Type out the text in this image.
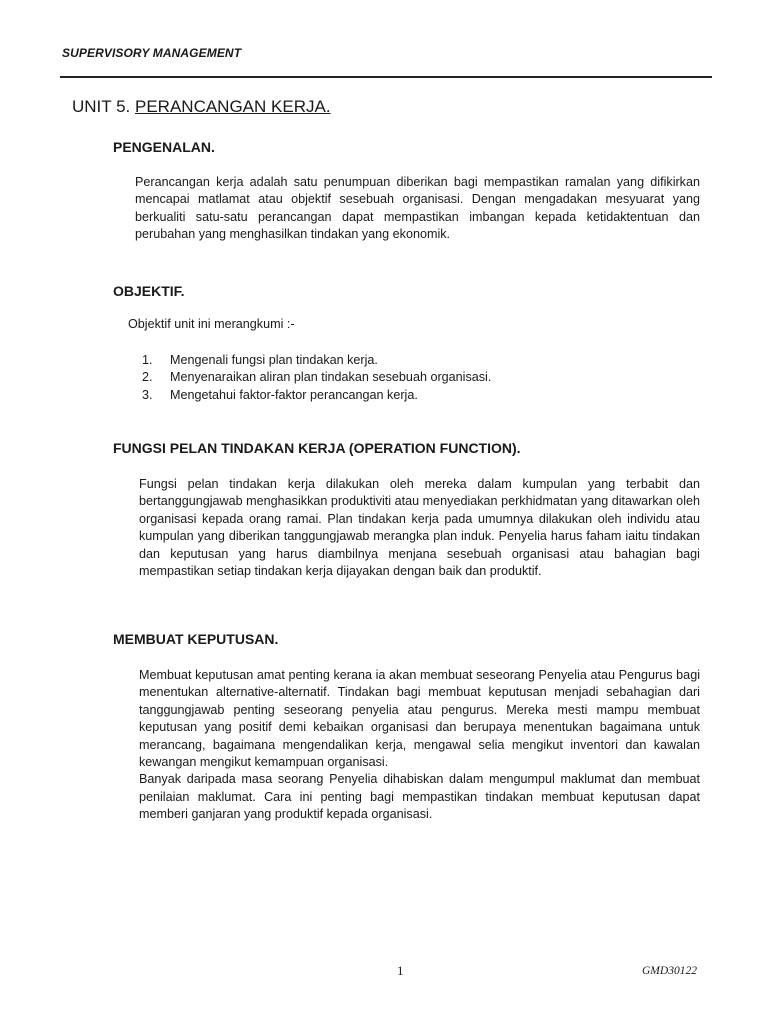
SUPERVISORY MANAGEMENT
UNIT 5. PERANCANGAN KERJA.
PENGENALAN.

Perancangan kerja adalah satu penumpuan diberikan bagi mempastikan ramalan yang difikirkan mencapai matlamat atau objektif sesebuah organisasi. Dengan mengadakan mesyuarat yang berkualiti satu-satu perancangan dapat mempastikan imbangan kepada ketidaktentuan dan perubahan yang menghasilkan tindakan yang ekonomik.

OBJEKTIF.
Objektif unit ini merangkumi :-
1. Mengenali fungsi plan tindakan kerja.
2. Menyenaraikan aliran plan tindakan sesebuah organisasi.
3. Mengetahui faktor-faktor perancangan kerja.
FUNGSI PELAN TINDAKAN KERJA (OPERATION FUNCTION).

Fungsi pelan tindakan kerja dilakukan oleh mereka dalam kumpulan yang terbabit dan bertanggungjawab menghasikkan produktiviti atau menyediakan perkhidmatan yang ditawarkan oleh organisasi kepada orang ramai. Plan tindakan kerja pada umumnya dilakukan oleh individu atau kumpulan yang diberikan tanggungjawab merangka plan induk. Penyelia harus faham iaitu tindakan dan keputusan yang harus diambilnya menjana sesebuah organisasi atau bahagian bagi mempastikan setiap tindakan kerja dijayakan dengan baik dan produktif.

MEMBUAT KEPUTUSAN.

Membuat keputusan amat penting kerana ia akan membuat seseorang Penyelia atau Pengurus bagi menentukan alternative-alternatif. Tindakan bagi membuat keputusan menjadi sebahagian dari tanggungjawab penting seseorang penyelia atau pengurus. Mereka mesti mampu membuat keputusan yang positif demi kebaikan organisasi dan berupaya menentukan bagaimana untuk merancang, bagaimana mengendalikan kerja, mengawal selia mengikut inventori dan kawalan kewangan mengikut kemampuan organisasi.

Banyak daripada masa seorang Penyelia dihabiskan dalam mengumpul maklumat dan membuat penilaian maklumat. Cara ini penting bagi mempastikan tindakan membuat keputusan dapat memberi ganjaran yang produktif kepada organisasi.

1	GMD30122
